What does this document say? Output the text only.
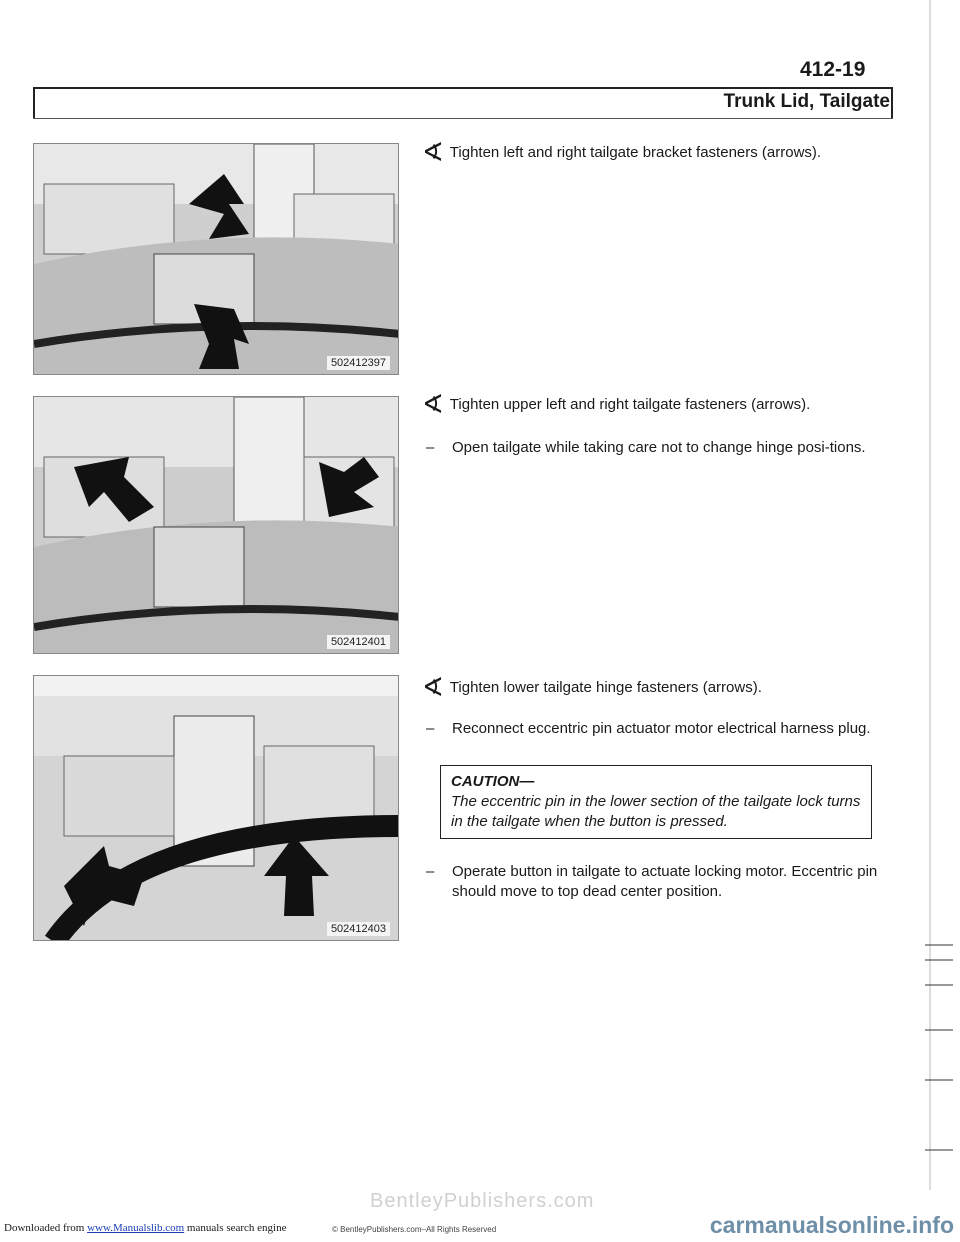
412-19
Trunk Lid, Tailgate
502412397
502412401
502412403
∢ Tighten left and right tailgate bracket fasteners (arrows).
∢ Tighten upper left and right tailgate fasteners (arrows).
– Open tailgate while taking care not to change hinge posi-tions.
∢ Tighten lower tailgate hinge fasteners (arrows).
– Reconnect eccentric pin actuator motor electrical harness plug.
CAUTION—
The eccentric pin in the lower section of the tailgate lock turns in the tailgate when the button is pressed.
– Operate button in tailgate to actuate locking motor. Eccentric pin should move to top dead center position.
BentleyPublishers.com
Downloaded from www.Manualslib.com manuals search engine	© BentleyPublishers.com–All Rights Reserved	carmanualsonline.info
